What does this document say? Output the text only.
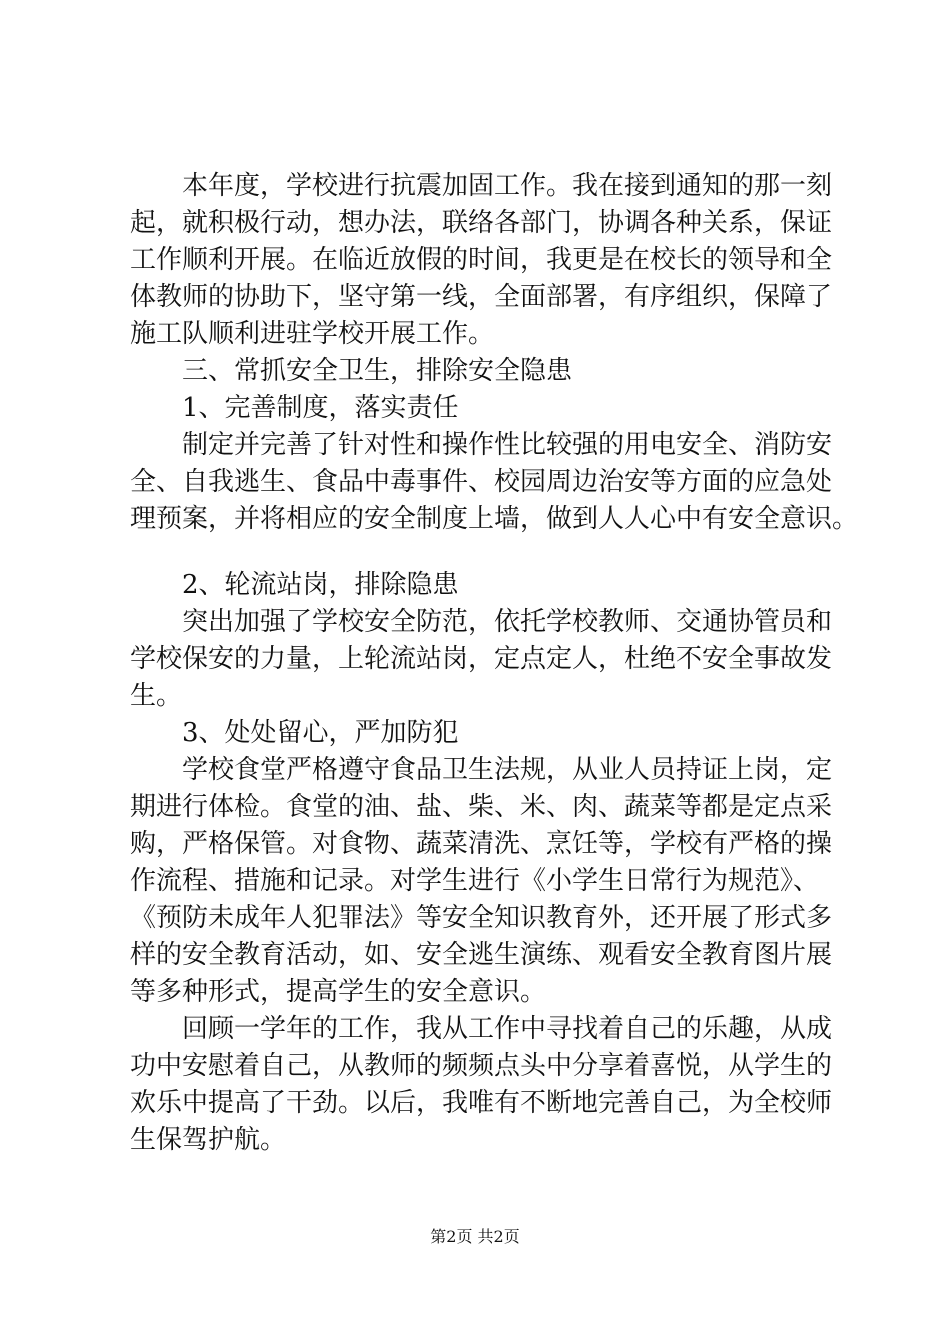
本年度，学校进行抗震加固工作。我在接到通知的那一刻

起，就积极行动，想办法，联络各部门，协调各种关系，保证

工作顺利开展。在临近放假的时间，我更是在校长的领导和全

体教师的协助下，坚守第一线，全面部署，有序组织，保障了

施工队顺利进驻学校开展工作。

三、常抓安全卫生，排除安全隐患

1、完善制度，落实责任

制定并完善了针对性和操作性比较强的用电安全、消防安

全、自我逃生、食品中毒事件、校园周边治安等方面的应急处

理预案，并将相应的安全制度上墙，做到人人心中有安全意识。

2、轮流站岗，排除隐患

突出加强了学校安全防范，依托学校教师、交通协管员和

学校保安的力量，上轮流站岗，定点定人，杜绝不安全事故发

生。

3、处处留心，严加防犯

学校食堂严格遵守食品卫生法规，从业人员持证上岗，定

期进行体检。食堂的油、盐、柴、米、肉、蔬菜等都是定点采

购，严格保管。对食物、蔬菜清洗、烹饪等，学校有严格的操

作流程、措施和记录。对学生进行《小学生日常行为规范》、

《预防未成年人犯罪法》等安全知识教育外，还开展了形式多

样的安全教育活动，如、安全逃生演练、观看安全教育图片展

等多种形式，提高学生的安全意识。

回顾一学年的工作，我从工作中寻找着自己的乐趣，从成

功中安慰着自己，从教师的频频点头中分享着喜悦，从学生的

欢乐中提高了干劲。以后，我唯有不断地完善自己，为全校师

生保驾护航。

第2页 共2页
